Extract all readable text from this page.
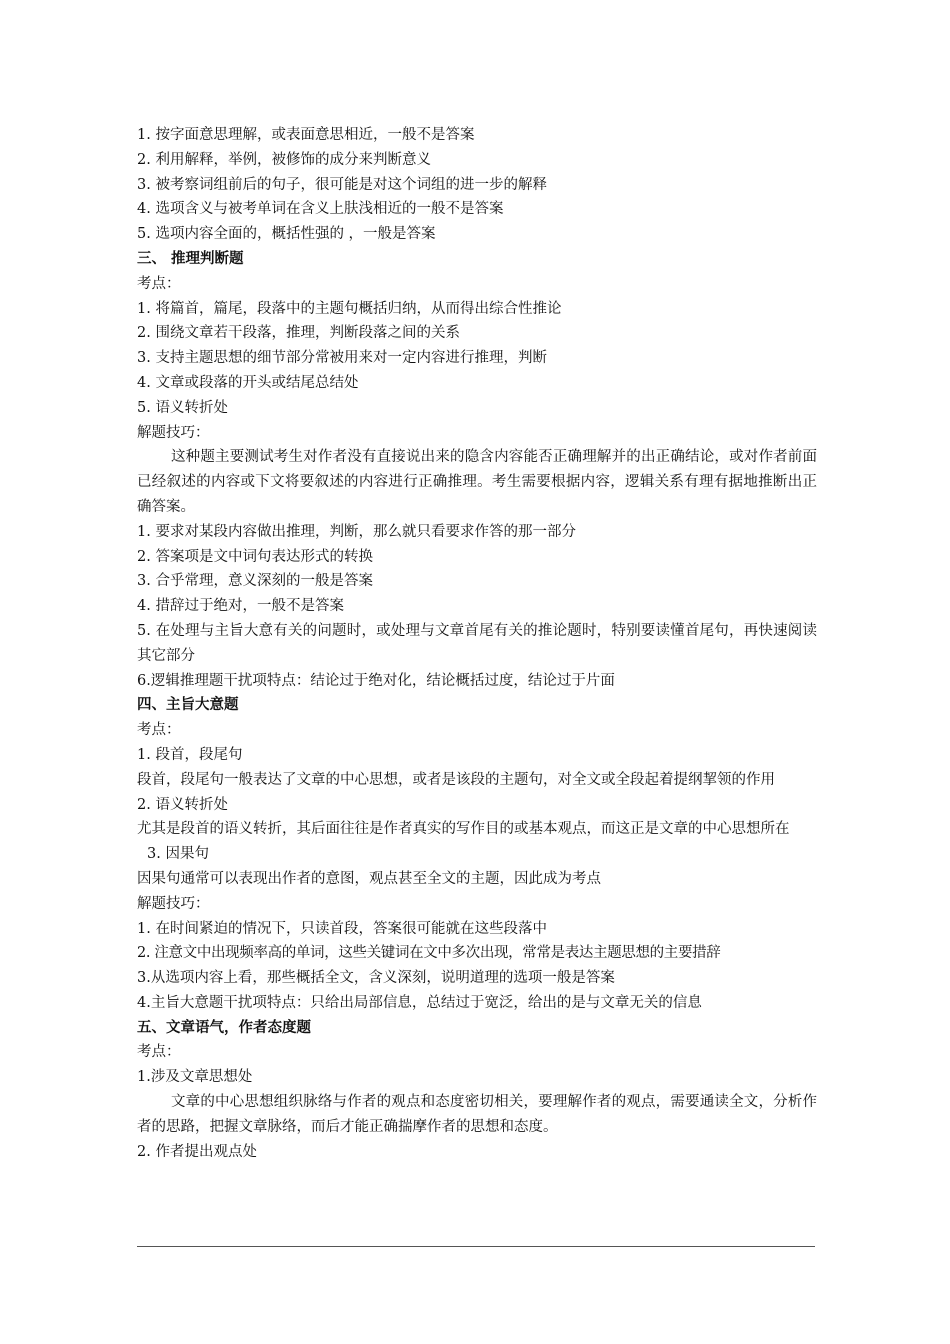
1. 按字面意思理解，或表面意思相近，一般不是答案
2. 利用解释，举例，被修饰的成分来判断意义
3. 被考察词组前后的句子，很可能是对这个词组的进一步的解释
4. 选项含义与被考单词在含义上肤浅相近的一般不是答案
5. 选项内容全面的，概括性强的 ，一般是答案
三、 推理判断题
考点：
1. 将篇首，篇尾，段落中的主题句概括归纳，从而得出综合性推论
2. 围绕文章若干段落，推理，判断段落之间的关系
3. 支持主题思想的细节部分常被用来对一定内容进行推理，判断
4. 文章或段落的开头或结尾总结处
5. 语义转折处
解题技巧：
这种题主要测试考生对作者没有直接说出来的隐含内容能否正确理解并的出正确结论，或对作者前面已经叙述的内容或下文将要叙述的内容进行正确推理。考生需要根据内容，逻辑关系有理有据地推断出正确答案。
1. 要求对某段内容做出推理，判断，那么就只看要求作答的那一部分
2. 答案项是文中词句表达形式的转换
3. 合乎常理，意义深刻的一般是答案
4. 措辞过于绝对，一般不是答案
5. 在处理与主旨大意有关的问题时，或处理与文章首尾有关的推论题时，特别要读懂首尾句，再快速阅读其它部分
6.逻辑推理题干扰项特点：结论过于绝对化，结论概括过度，结论过于片面
四、主旨大意题
考点：
1. 段首，段尾句
段首，段尾句一般表达了文章的中心思想，或者是该段的主题句，对全文或全段起着提纲挈领的作用
2. 语义转折处
尤其是段首的语义转折，其后面往往是作者真实的写作目的或基本观点，而这正是文章的中心思想所在
3. 因果句
因果句通常可以表现出作者的意图，观点甚至全文的主题，因此成为考点
解题技巧：
1. 在时间紧迫的情况下，只读首段，答案很可能就在这些段落中
2. 注意文中出现频率高的单词，这些关键词在文中多次出现，常常是表达主题思想的主要措辞
3.从选项内容上看，那些概括全文，含义深刻，说明道理的选项一般是答案
4.主旨大意题干扰项特点：只给出局部信息，总结过于宽泛，给出的是与文章无关的信息
五、文章语气，作者态度题
考点：
1.涉及文章思想处
文章的中心思想组织脉络与作者的观点和态度密切相关，要理解作者的观点，需要通读全文，分析作者的思路，把握文章脉络，而后才能正确揣摩作者的思想和态度。
2. 作者提出观点处
